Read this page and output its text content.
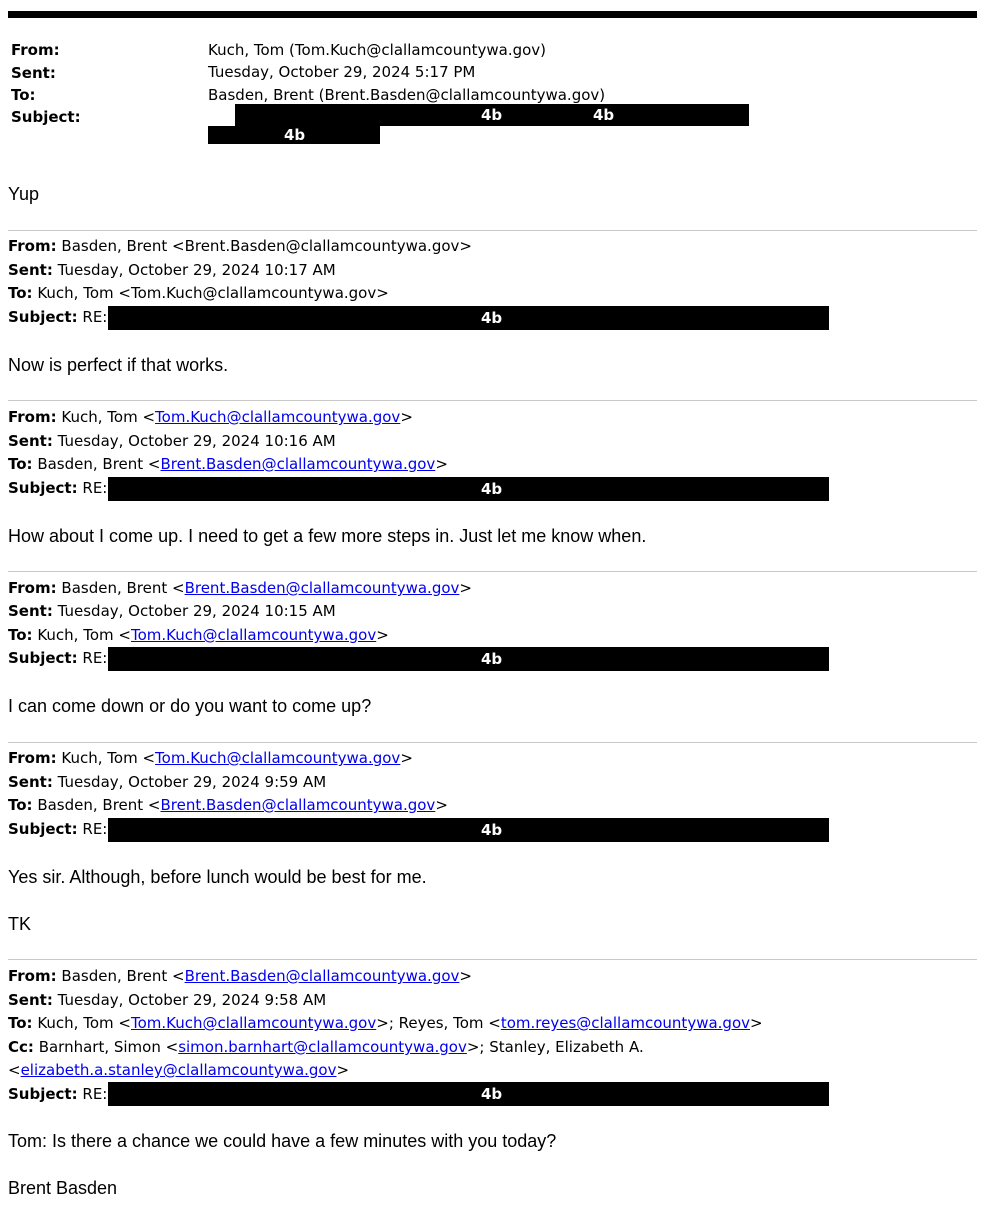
From:	Kuch, Tom (Tom.Kuch@clallamcountywa.gov)
Sent:	Tuesday, October 29, 2024 5:17 PM
To:	Basden, Brent (Brent.Basden@clallamcountywa.gov)
Subject:	4b	4b
4b
Yup
From: Basden, Brent <Brent.Basden@clallamcountywa.gov>
Sent: Tuesday, October 29, 2024 10:17 AM
To: Kuch, Tom <Tom.Kuch@clallamcountywa.gov>
Subject: RE:	4b
Now is perfect if that works.
From: Kuch, Tom <Tom.Kuch@clallamcountywa.gov>
Sent: Tuesday, October 29, 2024 10:16 AM
To: Basden, Brent <Brent.Basden@clallamcountywa.gov>
Subject: RE:	4b
How about I come up. I need to get a few more steps in. Just let me know when.
From: Basden, Brent <Brent.Basden@clallamcountywa.gov>
Sent: Tuesday, October 29, 2024 10:15 AM
To: Kuch, Tom <Tom.Kuch@clallamcountywa.gov>
Subject: RE:	4b
I can come down or do you want to come up?
From: Kuch, Tom <Tom.Kuch@clallamcountywa.gov>
Sent: Tuesday, October 29, 2024 9:59 AM
To: Basden, Brent <Brent.Basden@clallamcountywa.gov>
Subject: RE:	4b
Yes sir. Although, before lunch would be best for me.
TK
From: Basden, Brent <Brent.Basden@clallamcountywa.gov>
Sent: Tuesday, October 29, 2024 9:58 AM
To: Kuch, Tom <Tom.Kuch@clallamcountywa.gov>; Reyes, Tom <tom.reyes@clallamcountywa.gov>
Cc: Barnhart, Simon <simon.barnhart@clallamcountywa.gov>; Stanley, Elizabeth A.
<elizabeth.a.stanley@clallamcountywa.gov>
Subject: RE:	4b
Tom: Is there a chance we could have a few minutes with you today?
Brent Basden
